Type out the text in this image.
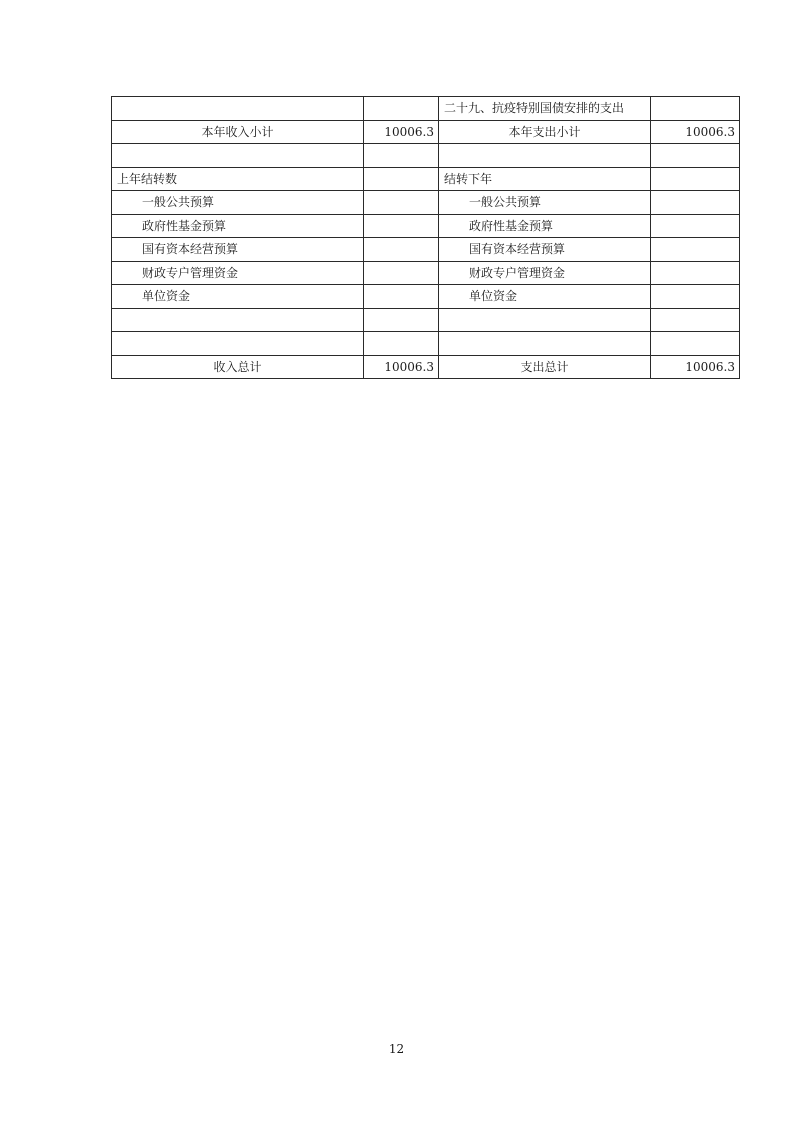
		二十九、抗疫特别国债安排的支出	
本年收入小计	10006.3	本年支出小计	10006.3

上年结转数		结转下年	
一般公共预算		一般公共预算	
政府性基金预算		政府性基金预算	
国有资本经营预算		国有资本经营预算	
财政专户管理资金		财政专户管理资金	
单位资金		单位资金	

收入总计	10006.3	支出总计	10006.3
12
